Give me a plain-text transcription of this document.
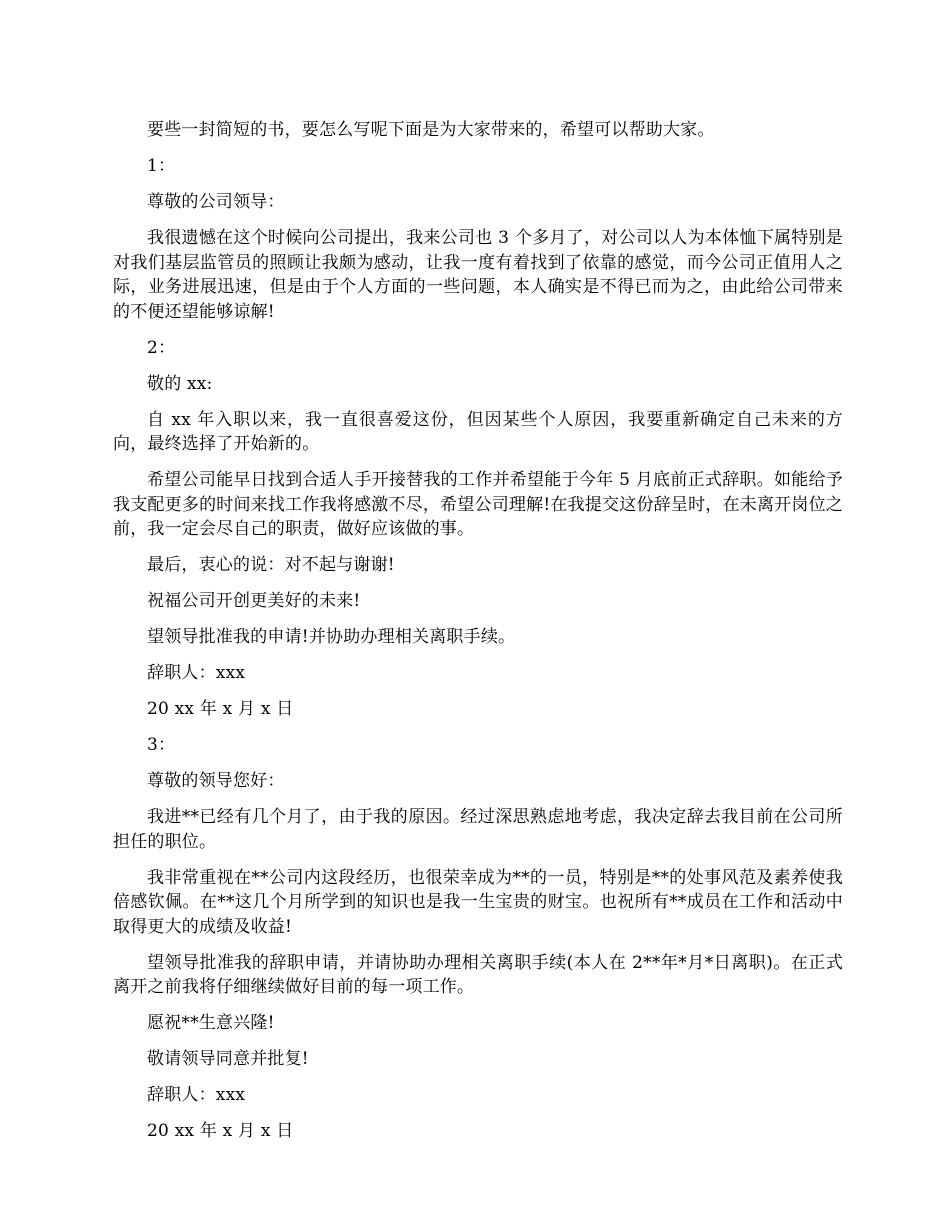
要些一封简短的书，要怎么写呢下面是为大家带来的，希望可以帮助大家。

1：

尊敬的公司领导：

我很遗憾在这个时候向公司提出，我来公司也 3 个多月了，对公司以人为本体恤下属特别是对我们基层监管员的照顾让我颇为感动，让我一度有着找到了依靠的感觉，而今公司正值用人之际，业务进展迅速，但是由于个人方面的一些问题，本人确实是不得已而为之，由此给公司带来的不便还望能够谅解!

2：

敬的 xx:

自 xx 年入职以来，我一直很喜爱这份，但因某些个人原因，我要重新确定自己未来的方向，最终选择了开始新的。

希望公司能早日找到合适人手开接替我的工作并希望能于今年 5 月底前正式辞职。如能给予我支配更多的时间来找工作我将感激不尽，希望公司理解!在我提交这份辞呈时，在未离开岗位之前，我一定会尽自己的职责，做好应该做的事。

最后，衷心的说：对不起与谢谢!

祝福公司开创更美好的未来!

望领导批准我的申请!并协助办理相关离职手续。

辞职人：xxx

20 xx 年 x 月 x 日

3：

尊敬的领导您好：

我进**已经有几个月了，由于我的原因。经过深思熟虑地考虑，我决定辞去我目前在公司所担任的职位。

我非常重视在**公司内这段经历，也很荣幸成为**的一员，特别是**的处事风范及素养使我倍感钦佩。在**这几个月所学到的知识也是我一生宝贵的财宝。也祝所有**成员在工作和活动中取得更大的成绩及收益!

望领导批准我的辞职申请，并请协助办理相关离职手续(本人在 2**年*月*日离职)。在正式离开之前我将仔细继续做好目前的每一项工作。

愿祝**生意兴隆!

敬请领导同意并批复!

辞职人：xxx

20 xx 年 x 月 x 日
